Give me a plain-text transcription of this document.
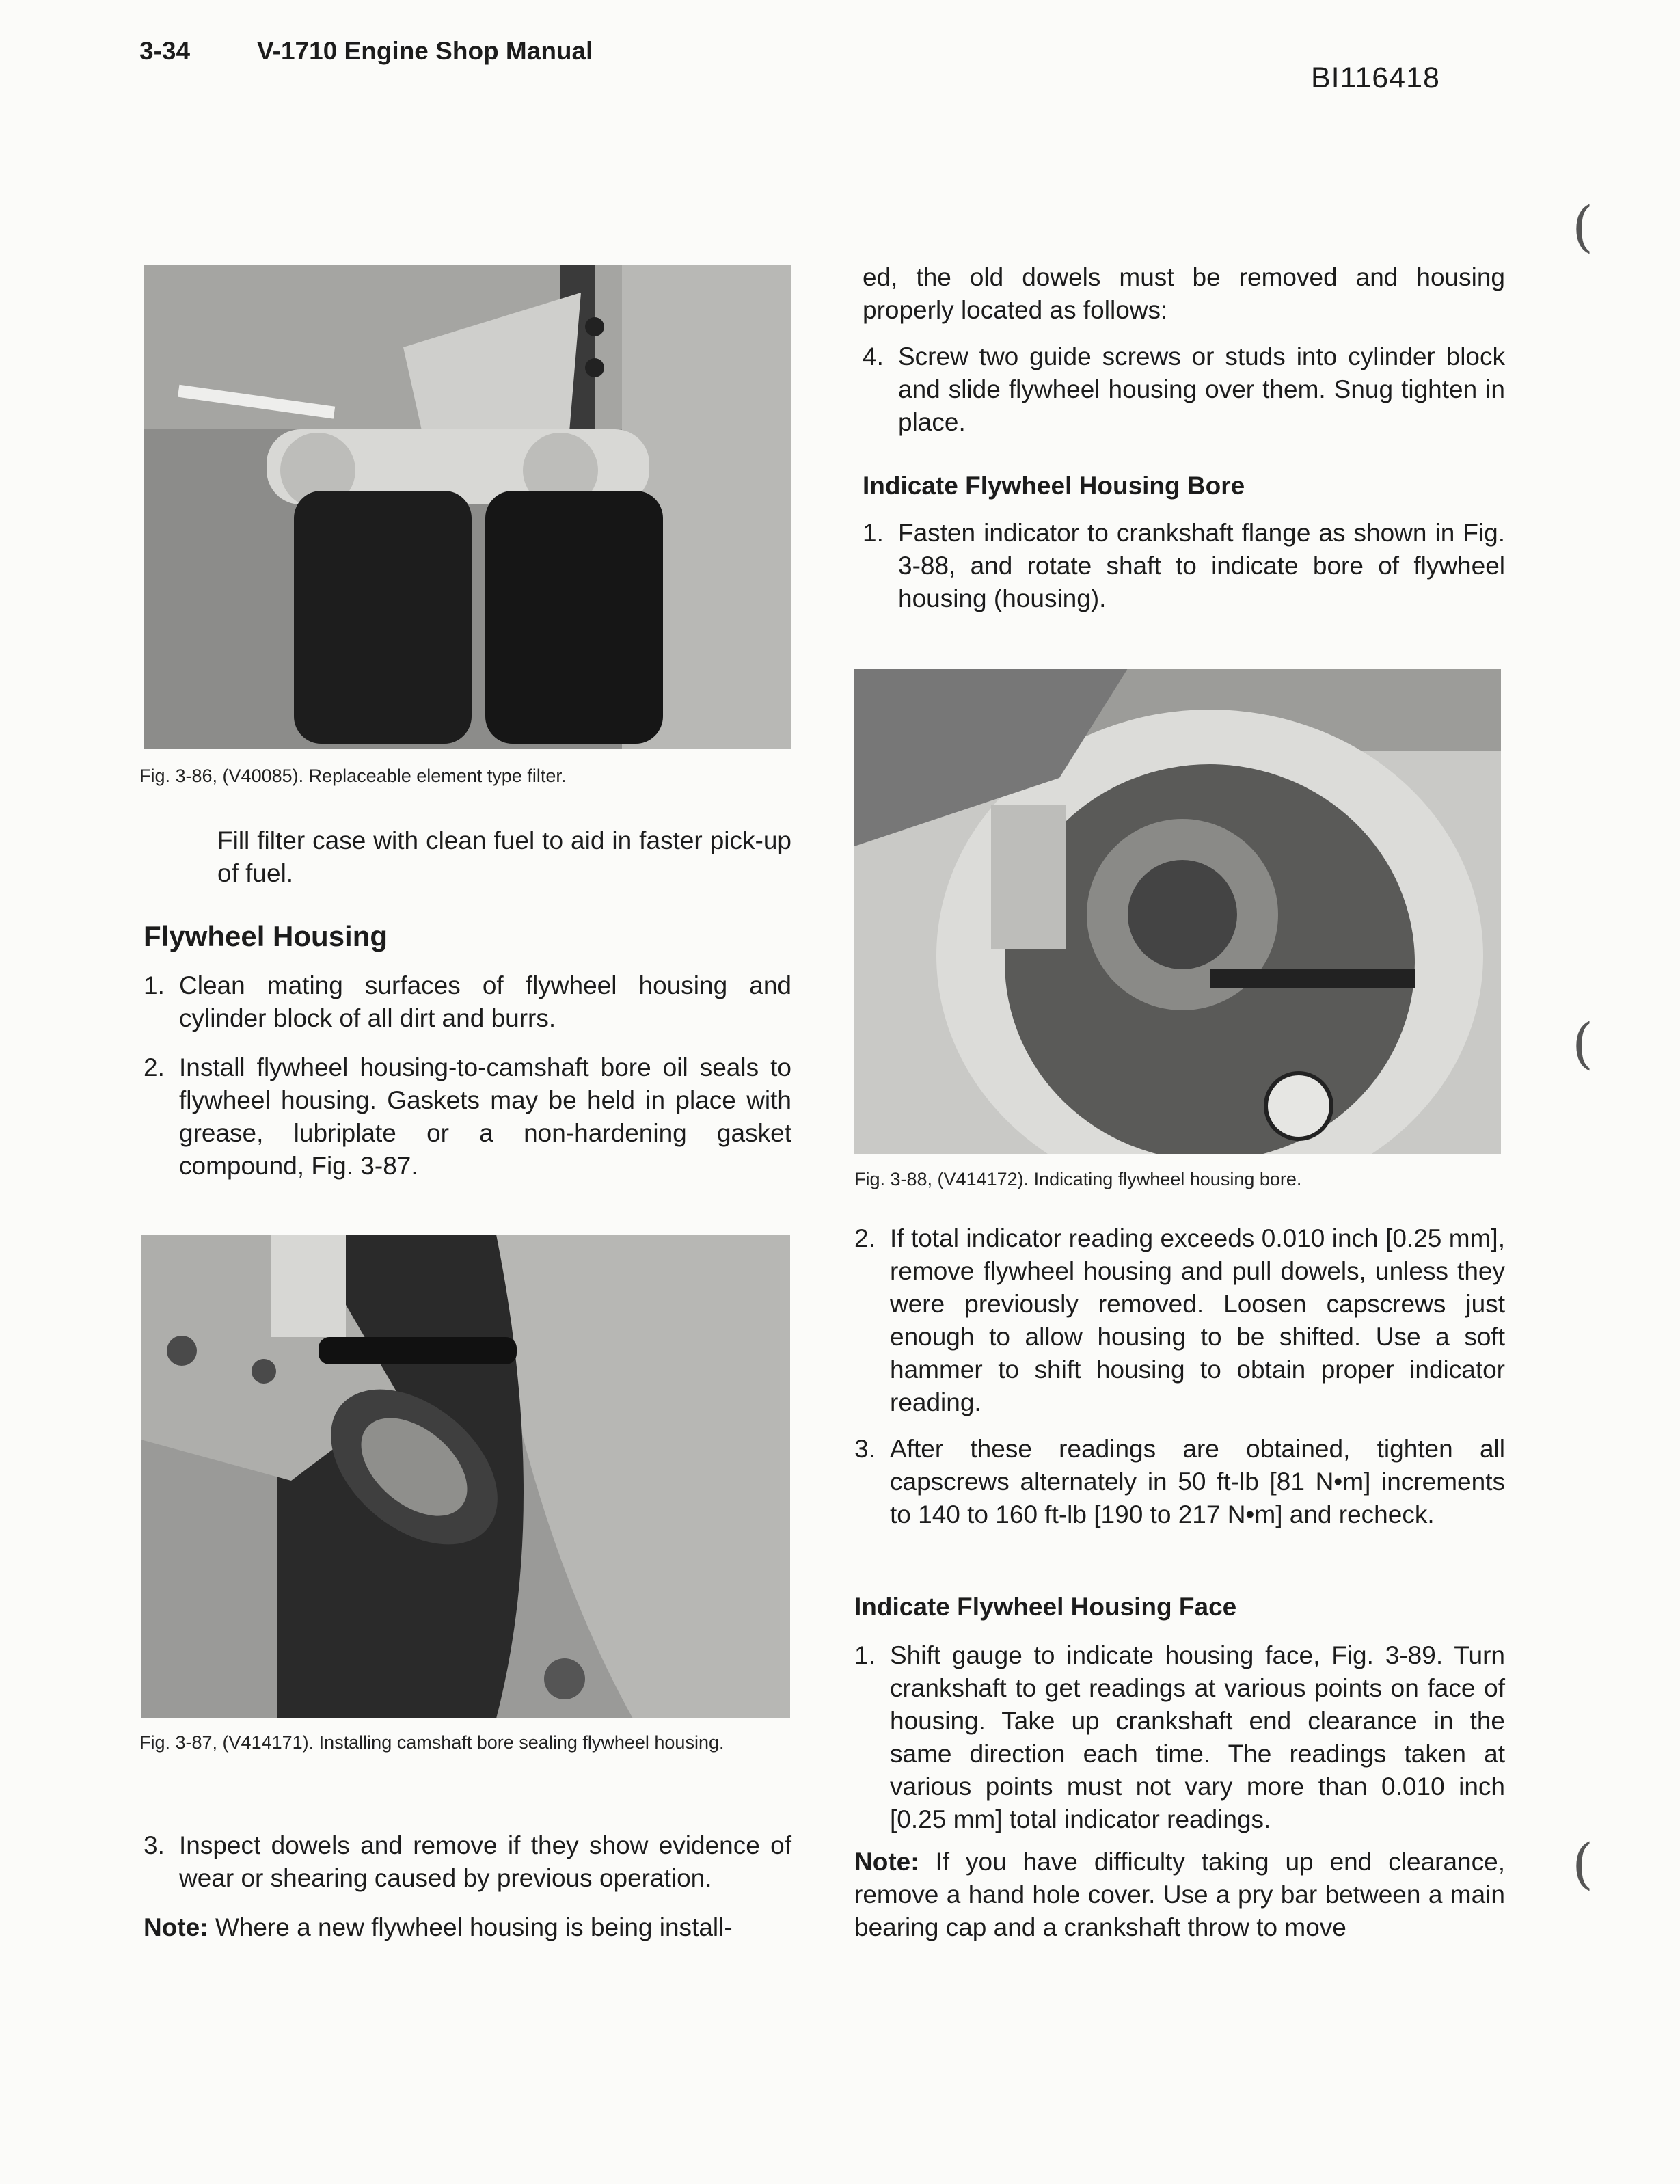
3-34	V-1710 Engine Shop Manual
BI116418
(
(
(
Fig. 3-86, (V40085). Replaceable element type filter.

Fill filter case with clean fuel to aid in faster pick-up of fuel.

Flywheel Housing
1. Clean mating surfaces of flywheel housing and cylinder block of all dirt and burrs.
2. Install flywheel housing-to-camshaft bore oil seals to flywheel housing. Gaskets may be held in place with grease, lubriplate or a non-hardening gasket compound, Fig. 3-87.
Fig. 3-87, (V414171). Installing camshaft bore sealing flywheel housing.
3. Inspect dowels and remove if they show evidence of wear or shearing caused by previous operation.

Note: Where a new flywheel housing is being install-

ed, the old dowels must be removed and housing properly located as follows:

4. Screw two guide screws or studs into cylinder block and slide flywheel housing over them. Snug tighten in place.
Indicate Flywheel Housing Bore
1. Fasten indicator to crankshaft flange as shown in Fig. 3-88, and rotate shaft to indicate bore of flywheel housing (housing).
Fig. 3-88, (V414172). Indicating flywheel housing bore.
2. If total indicator reading exceeds 0.010 inch [0.25 mm], remove flywheel housing and pull dowels, unless they were previously removed. Loosen capscrews just enough to allow housing to be shifted. Use a soft hammer to shift housing to obtain proper indicator reading.
3. After these readings are obtained, tighten all capscrews alternately in 50 ft-lb [81 N•m] increments to 140 to 160 ft-lb [190 to 217 N•m] and recheck.
Indicate Flywheel Housing Face
1. Shift gauge to indicate housing face, Fig. 3-89. Turn crankshaft to get readings at various points on face of housing. Take up crankshaft end clearance in the same direction each time. The readings taken at various points must not vary more than 0.010 inch [0.25 mm] total indicator readings.

Note: If you have difficulty taking up end clearance, remove a hand hole cover. Use a pry bar between a main bearing cap and a crankshaft throw to move
